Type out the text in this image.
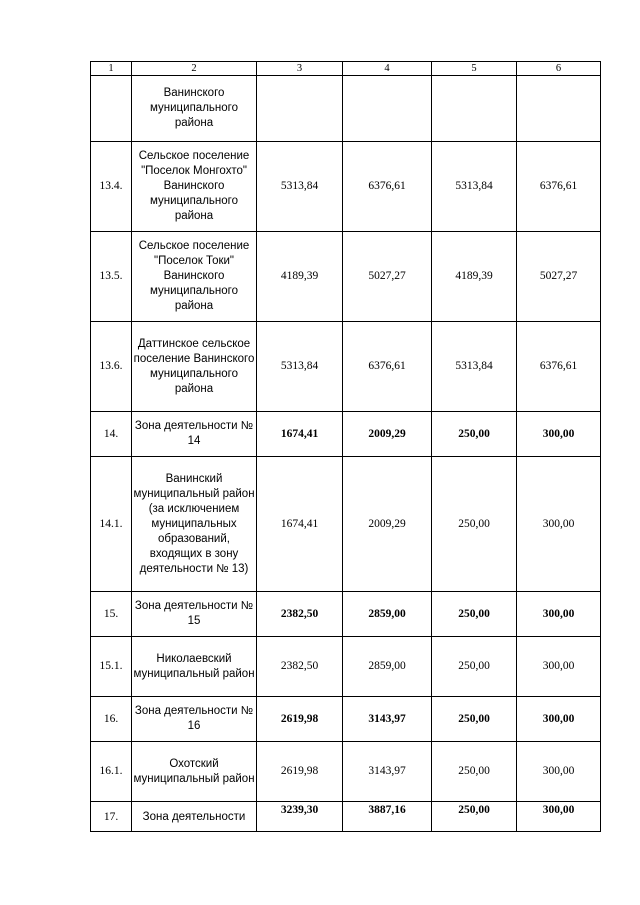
1	2	3	4	5	6
	Ванинского муниципального района				
13.4.	Сельское поселение "Поселок Монгохто" Ванинского муниципального района	5313,84	6376,61	5313,84	6376,61
13.5.	Сельское поселение "Поселок Токи" Ванинского муниципального района	4189,39	5027,27	4189,39	5027,27
13.6.	Даттинское сельское поселение Ванинского муниципального района	5313,84	6376,61	5313,84	6376,61
14.	Зона деятельности № 14	1674,41	2009,29	250,00	300,00
14.1.	Ванинский муниципальный район (за исключением муниципальных образований, входящих в зону деятельности № 13)	1674,41	2009,29	250,00	300,00
15.	Зона деятельности № 15	2382,50	2859,00	250,00	300,00
15.1.	Николаевский муниципальный район	2382,50	2859,00	250,00	300,00
16.	Зона деятельности № 16	2619,98	3143,97	250,00	300,00
16.1.	Охотский муниципальный район	2619,98	3143,97	250,00	300,00
17.	Зона деятельности	3239,30	3887,16	250,00	300,00
